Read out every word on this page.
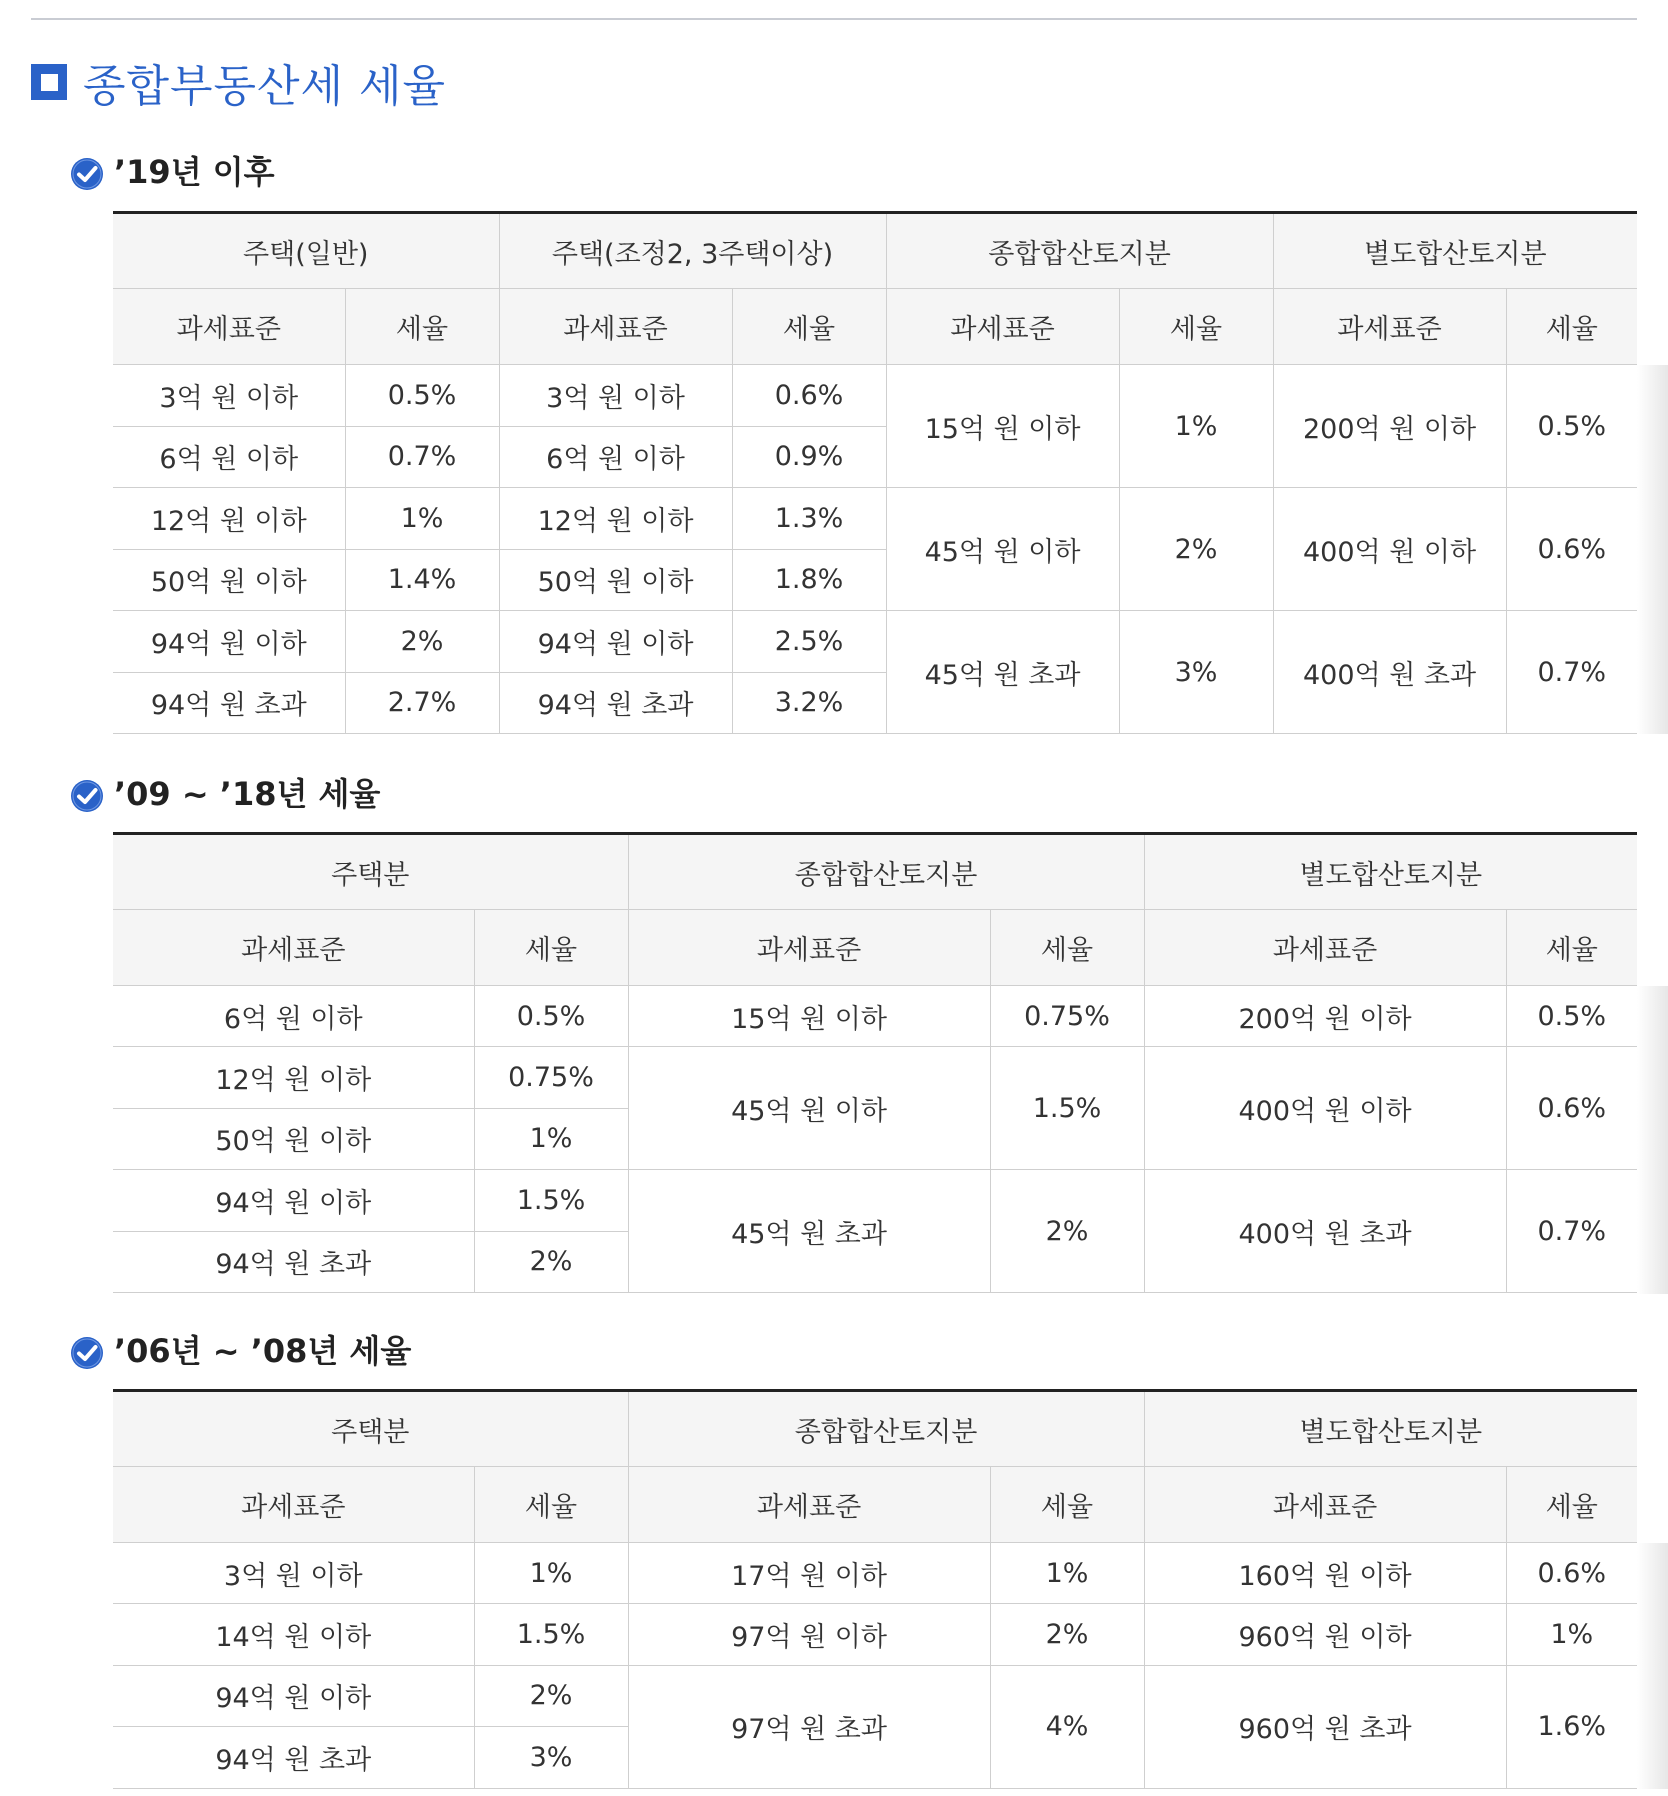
종합부동산세 세율
’19년 이후
주택(일반)		주택(조정2, 3주택이상)		종합합산토지분		별도합산토지분	
과세표준	세율	과세표준	세율	과세표준	세율	과세표준	세율
3억 원 이하	0.5%	3억 원 이하	0.6%	15억 원 이하	1%	200억 원 이하	0.5%
6억 원 이하	0.7%	6억 원 이하	0.9%				
12억 원 이하	1%	12억 원 이하	1.3%	45억 원 이하	2%	400억 원 이하	0.6%
50억 원 이하	1.4%	50억 원 이하	1.8%				
94억 원 이하	2%	94억 원 이하	2.5%	45억 원 초과	3%	400억 원 초과	0.7%
94억 원 초과	2.7%	94억 원 초과	3.2%				
’09 ~ ’18년 세율
주택분		종합합산토지분		별도합산토지분	
과세표준	세율	과세표준	세율	과세표준	세율
6억 원 이하	0.5%	15억 원 이하	0.75%	200억 원 이하	0.5%
12억 원 이하	0.75%	45억 원 이하	1.5%	400억 원 이하	0.6%
50억 원 이하	1%				
94억 원 이하	1.5%	45억 원 초과	2%	400억 원 초과	0.7%
94억 원 초과	2%				
’06년 ~ ’08년 세율
주택분		종합합산토지분		별도합산토지분	
과세표준	세율	과세표준	세율	과세표준	세율
3억 원 이하	1%	17억 원 이하	1%	160억 원 이하	0.6%
14억 원 이하	1.5%	97억 원 이하	2%	960억 원 이하	1%
94억 원 이하	2%	97억 원 초과	4%	960억 원 초과	1.6%
94억 원 초과	3%				
